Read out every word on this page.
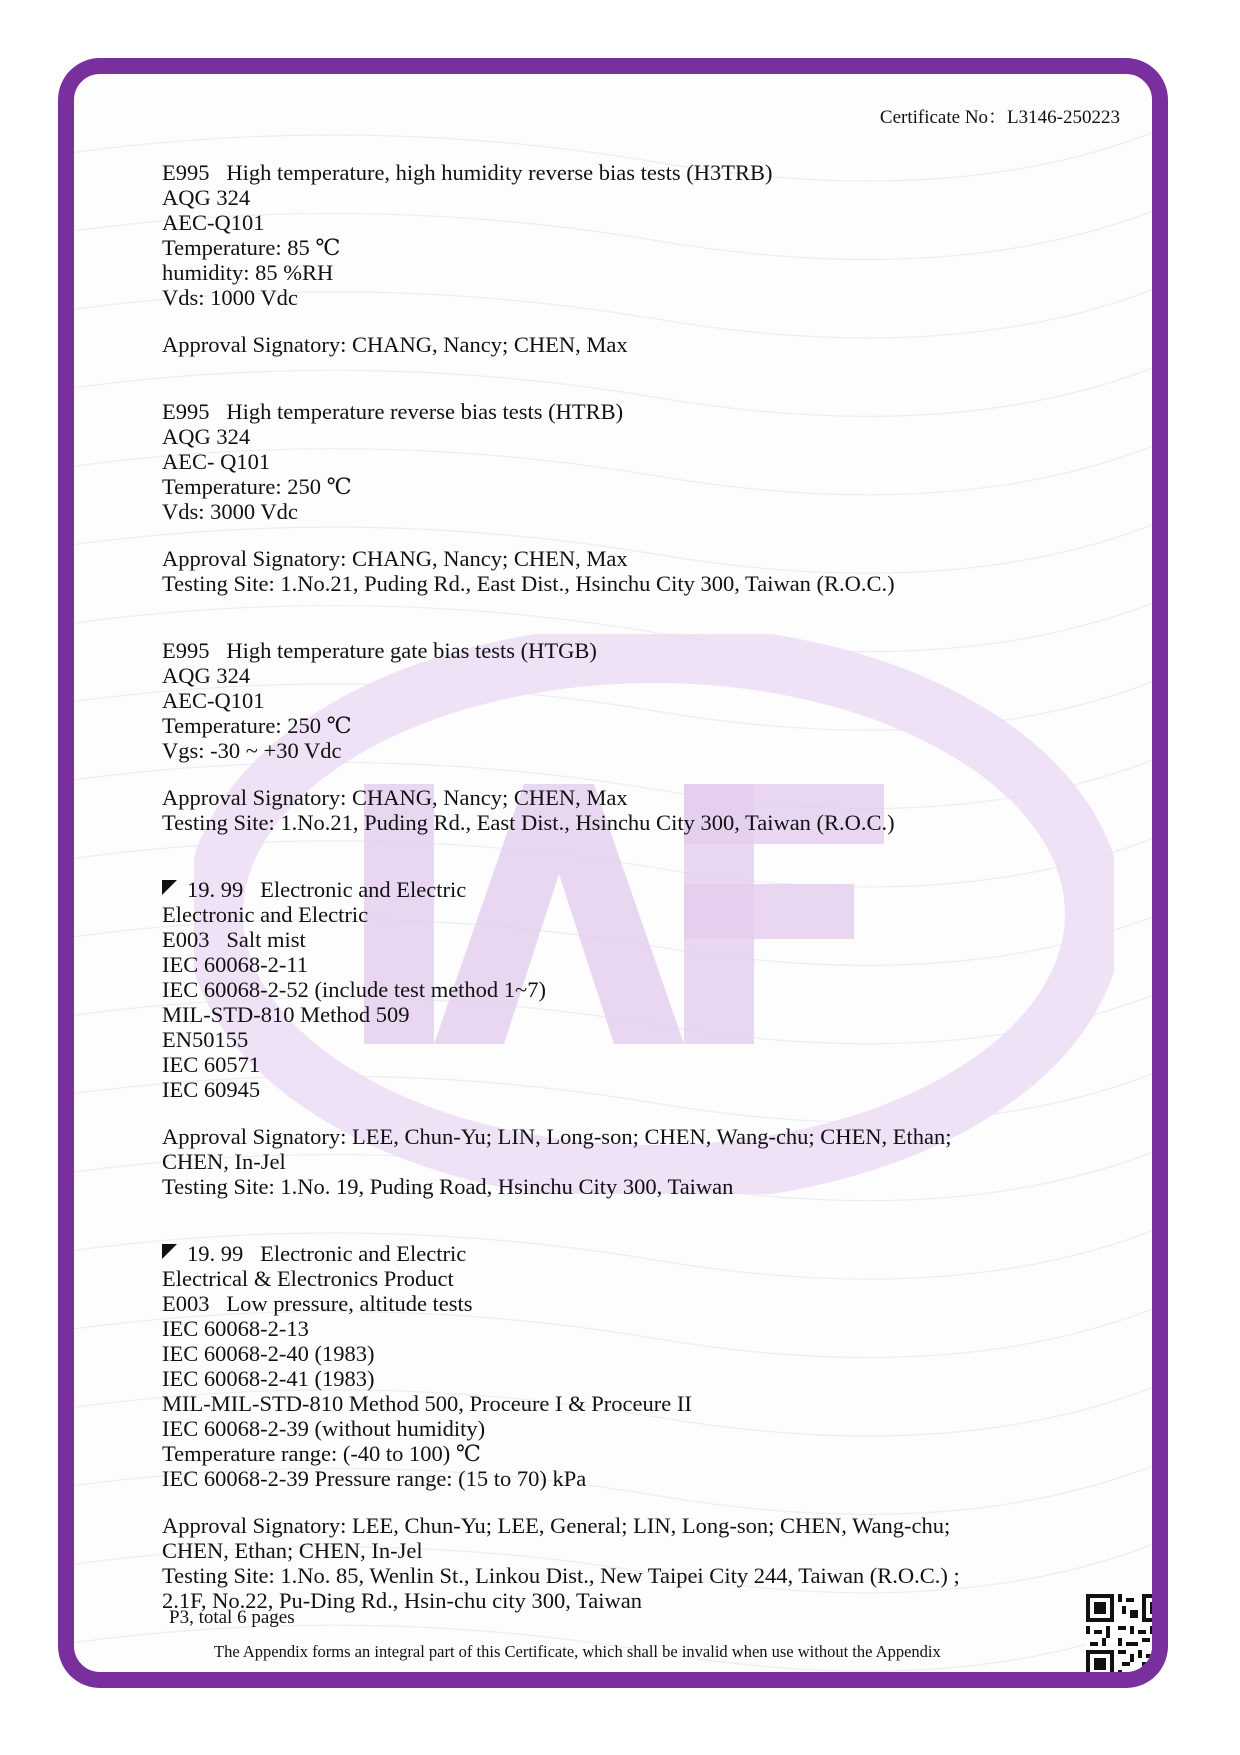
Certificate No：L3146-250223
E995   High temperature, high humidity reverse bias tests (H3TRB)
AQG 324
AEC-Q101
Temperature: 85 ℃
humidity: 85 %RH
Vds: 1000 Vdc
Approval Signatory: CHANG, Nancy; CHEN, Max
E995   High temperature reverse bias tests (HTRB)
AQG 324
AEC- Q101
Temperature: 250 ℃
Vds: 3000 Vdc
Approval Signatory: CHANG, Nancy; CHEN, Max
Testing Site: 1.No.21, Puding Rd., East Dist., Hsinchu City 300, Taiwan (R.O.C.)
E995   High temperature gate bias tests (HTGB)
AQG 324
AEC-Q101
Temperature: 250 ℃
Vgs: -30 ~ +30 Vdc
Approval Signatory: CHANG, Nancy; CHEN, Max
Testing Site: 1.No.21, Puding Rd., East Dist., Hsinchu City 300, Taiwan (R.O.C.)
19. 99   Electronic and Electric
Electronic and Electric
E003   Salt mist
IEC 60068-2-11
IEC 60068-2-52 (include test method 1~7)
MIL-STD-810 Method 509
EN50155
IEC 60571
IEC 60945
Approval Signatory: LEE, Chun-Yu; LIN, Long-son; CHEN, Wang-chu; CHEN, Ethan;
CHEN, In-Jel
Testing Site: 1.No. 19, Puding Road, Hsinchu City 300, Taiwan
19. 99   Electronic and Electric
Electrical & Electronics Product
E003   Low pressure, altitude tests
IEC 60068-2-13
IEC 60068-2-40 (1983)
IEC 60068-2-41 (1983)
MIL-MIL-STD-810 Method 500, Proceure I & Proceure II
IEC 60068-2-39 (without humidity)
Temperature range: (-40 to 100) ℃
IEC 60068-2-39 Pressure range: (15 to 70) kPa
Approval Signatory: LEE, Chun-Yu; LEE, General; LIN, Long-son; CHEN, Wang-chu;
CHEN, Ethan; CHEN, In-Jel
Testing Site: 1.No. 85, Wenlin St., Linkou Dist., New Taipei City 244, Taiwan (R.O.C.) ;
2.1F, No.22, Pu-Ding Rd., Hsin-chu city 300, Taiwan
P3, total 6 pages
The Appendix forms an integral part of this Certificate, which shall be invalid when use without the Appendix
